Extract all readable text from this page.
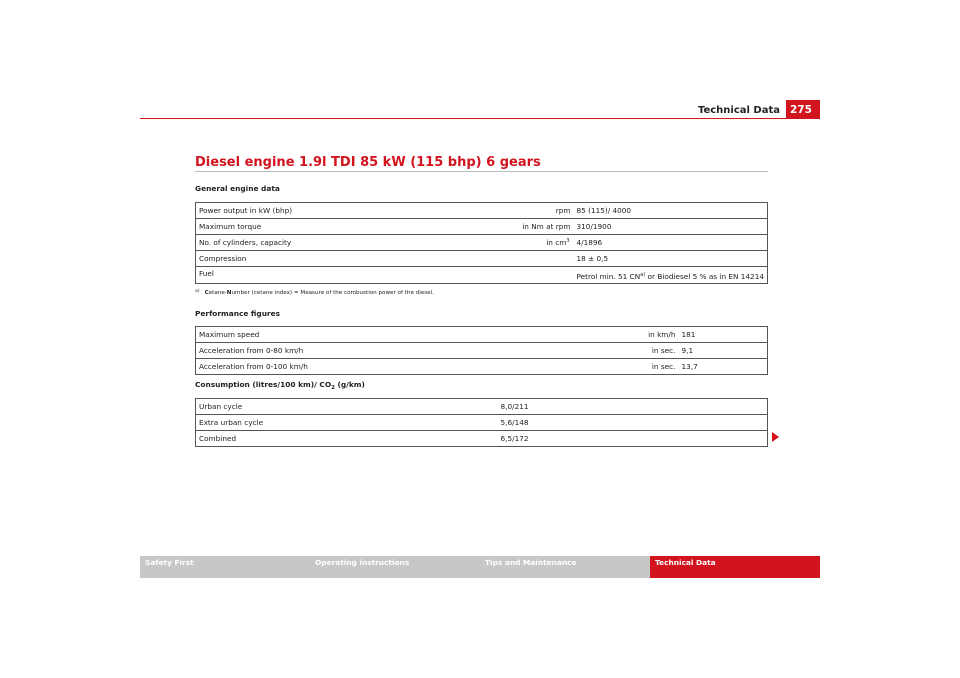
Technical Data 275
Diesel engine 1.9l TDI 85 kW (115 bhp) 6 gears
General engine data
Power output in kW (bhp)	rpm	85 (115)/ 4000
Maximum torque	in Nm at rpm	310/1900
No. of cylinders, capacity	in $cm^3$	4/1896
Compression		18 ± 0,5
Fuel		Petrol min. 51 CN$^{a)}$ or Biodiesel 5 % as in EN 14214
$^{a)}$ Cetane-Number (cetane index) = Measure of the combustion power of the diesel.
Performance figures
Maximum speed	in km/h	181
Acceleration from 0-80 km/h	in sec.	9,1
Acceleration from 0-100 km/h	in sec.	13,7
Consumption (litres/100 km)/ $CO_2$ (g/km)
Urban cycle	8,0/211
Extra urban cycle	5,6/148
Combined	6,5/172
Safety First	Operating instructions	Tips and Maintenance	Technical Data
